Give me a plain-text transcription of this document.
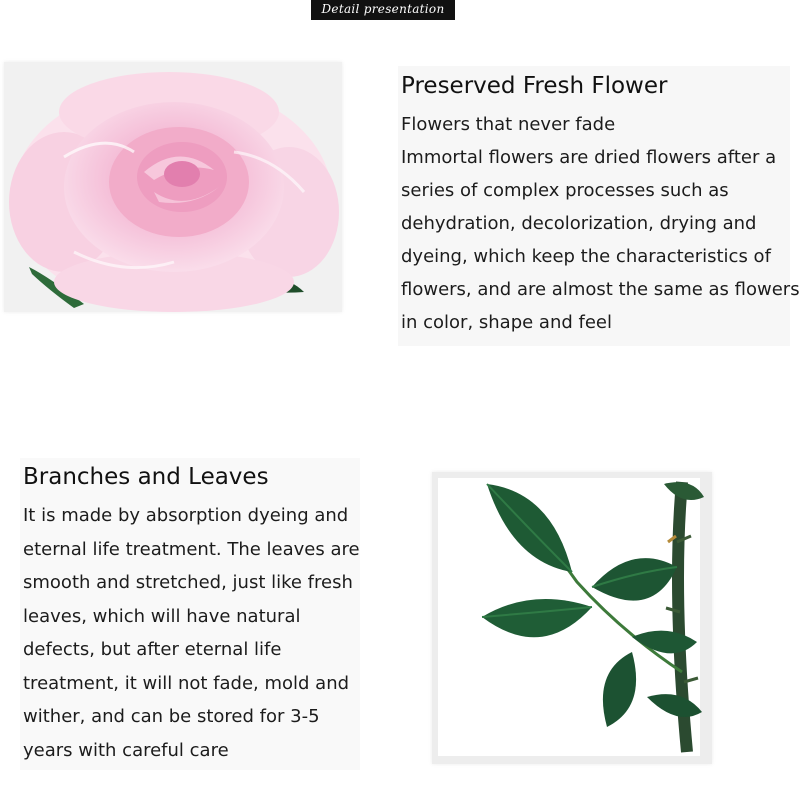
Detail presentation
Preserved Fresh Flower
Flowers that never fade
Immortal flowers are dried flowers after a
series of complex processes such as
dehydration, decolorization, drying and
dyeing, which keep the characteristics of
flowers, and are almost the same as flowers
in color, shape and feel
Branches and Leaves
It is made by absorption dyeing and
eternal life treatment. The leaves are
smooth and stretched, just like fresh
leaves, which will have natural
defects, but after eternal life
treatment, it will not fade, mold and
wither, and can be stored for 3-5
years with careful care
